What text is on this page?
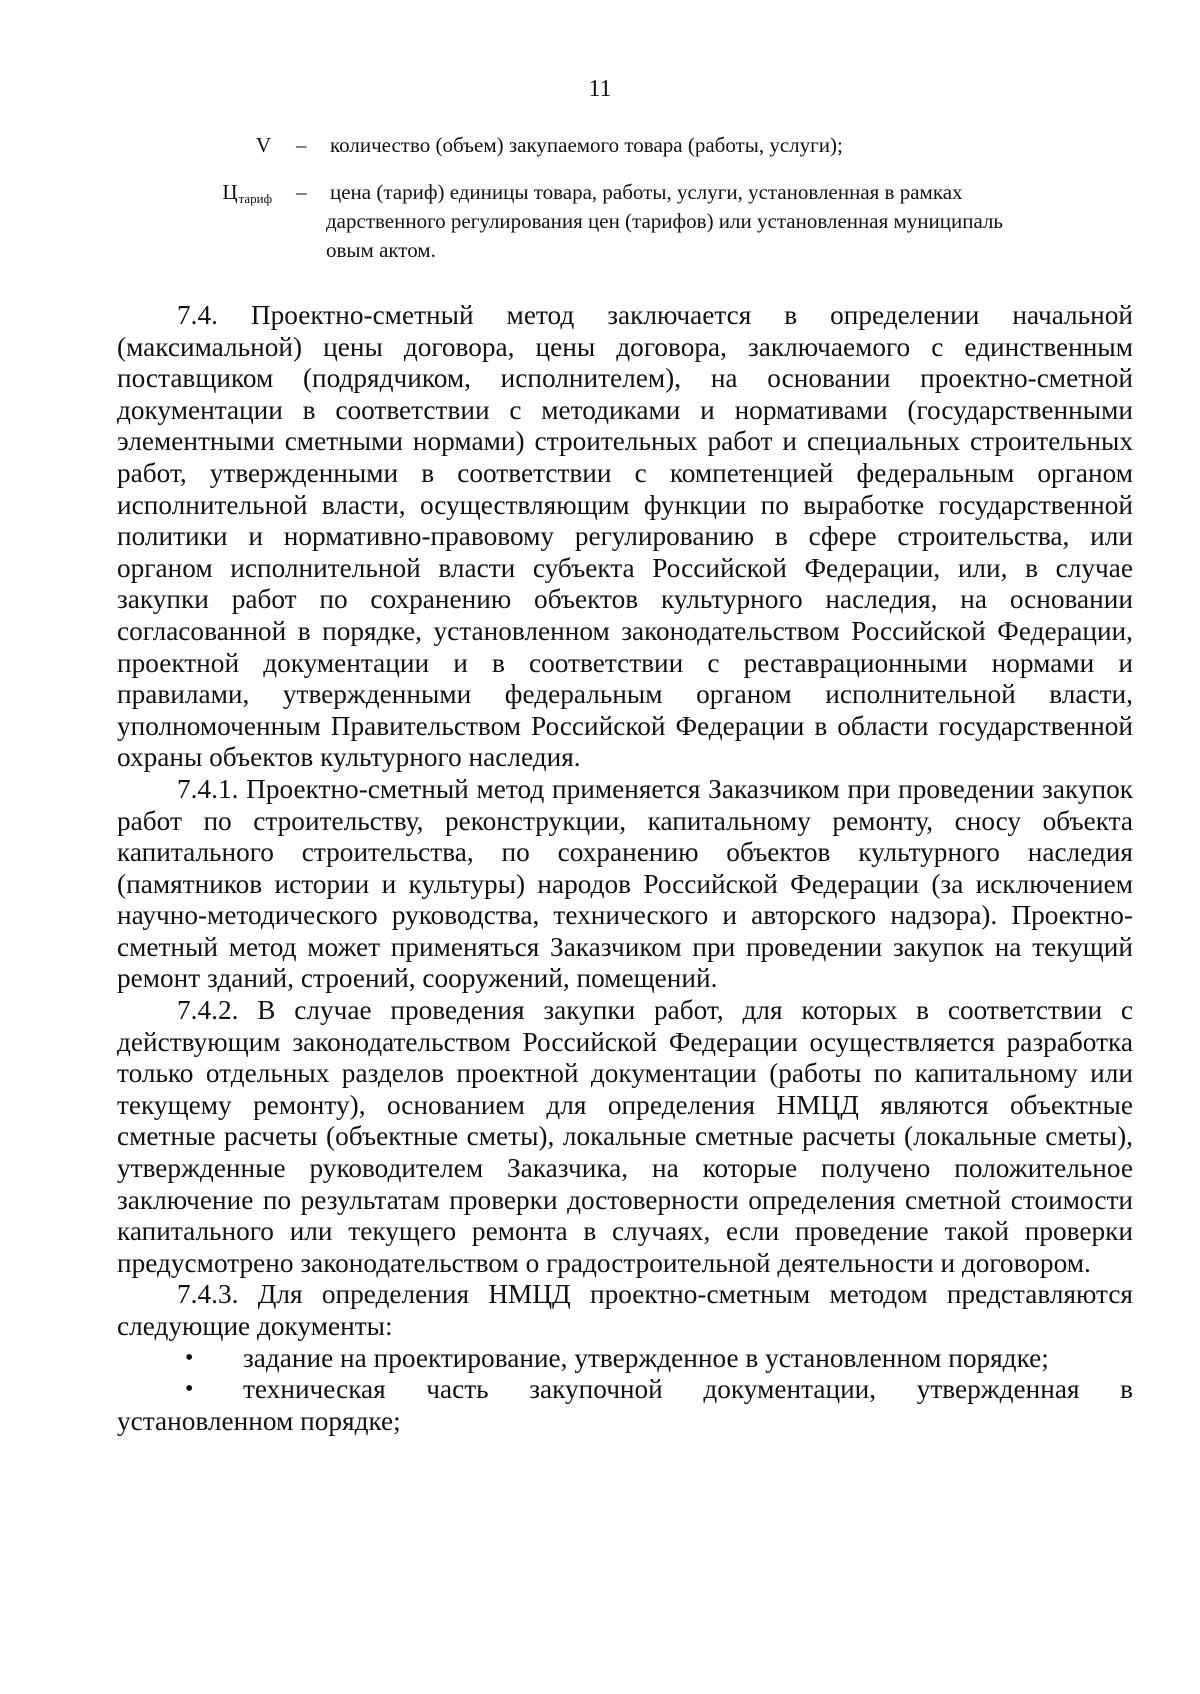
11
V – количество (объем) закупаемого товара (работы, услуги);
$Ц_{тариф}$ – цена (тариф) единицы товара, работы, услуги, установленная в рамках
дарственного регулирования цен (тарифов) или установленная муниципаль
овым актом.

7.4. Проектно-сметный метод заключается в определении начальной (максимальной) цены договора, цены договора, заключаемого с единственным поставщиком (подрядчиком, исполнителем), на основании проектно-сметной документации в соответствии с методиками и нормативами (государственными элементными сметными нормами) строительных работ и специальных строительных работ, утвержденными в соответствии с компетенцией федеральным органом исполнительной власти, осуществляющим функции по выработке государственной политики и нормативно-правовому регулированию в сфере строительства, или органом исполнительной власти субъекта Российской Федерации, или, в случае закупки работ по сохранению объектов культурного наследия, на основании согласованной в порядке, установленном законодательством Российской Федерации, проектной документации и в соответствии с реставрационными нормами и правилами, утвержденными федеральным органом исполнительной власти, уполномоченным Правительством Российской Федерации в области государственной охраны объектов культурного наследия.

7.4.1. Проектно-сметный метод применяется Заказчиком при проведении закупок работ по строительству, реконструкции, капитальному ремонту, сносу объекта капитального строительства, по сохранению объектов культурного наследия (памятников истории и культуры) народов Российской Федерации (за исключением научно-методического руководства, технического и авторского надзора). Проектно-сметный метод может применяться Заказчиком при проведении закупок на текущий ремонт зданий, строений, сооружений, помещений.

7.4.2. В случае проведения закупки работ, для которых в соответствии с действующим законодательством Российской Федерации осуществляется разработка только отдельных разделов проектной документации (работы по капитальному или текущему ремонту), основанием для определения НМЦД являются объектные сметные расчеты (объектные сметы), локальные сметные расчеты (локальные сметы), утвержденные руководителем Заказчика, на которые получено положительное заключение по результатам проверки достоверности определения сметной стоимости капитального или текущего ремонта в случаях, если проведение такой проверки предусмотрено законодательством о градостроительной деятельности и договором.

7.4.3. Для определения НМЦД проектно-сметным методом представляются следующие документы:

• задание на проектирование, утвержденное в установленном порядке;
• техническая часть закупочной документации, утвержденная в установленном порядке;
